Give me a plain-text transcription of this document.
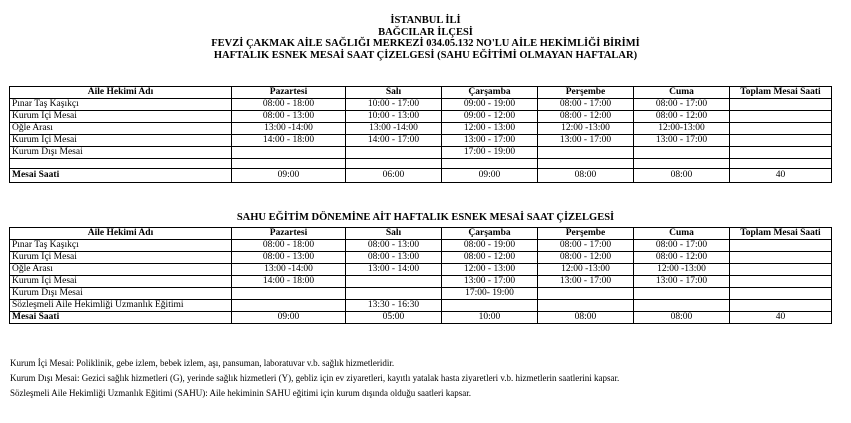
İSTANBUL İLİ
BAĞCILAR İLÇESİ
FEVZİ ÇAKMAK AİLE SAĞLIĞI MERKEZİ 034.05.132 NO'LU AİLE HEKİMLİĞİ BİRİMİ
HAFTALIK ESNEK MESAİ SAAT ÇİZELGESİ (SAHU EĞİTİMİ OLMAYAN HAFTALAR)
Aile Hekimi Adı	Pazartesi	Salı	Çarşamba	Perşembe	Cuma	Toplam Mesai Saati
Pınar Taş Kaşıkçı	08:00 - 18:00	10:00 - 17:00	09:00 - 19:00	08:00 - 17:00	08:00 - 17:00	
Kurum İçi Mesai	08:00 - 13:00	10:00 - 13:00	09:00 - 12:00	08:00 - 12:00	08:00 - 12:00	
Öğle Arası	13:00 -14:00	13:00 -14:00	12:00 - 13:00	12:00 -13:00	12:00-13:00	
Kurum İçi Mesai	14:00 - 18:00	14:00 - 17:00	13:00 - 17:00	13:00 - 17:00	13:00 - 17:00	
Kurum Dışı Mesai			17:00 - 19:00			

Mesai Saati	09:00	06:00	09:00	08:00	08:00	40
SAHU EĞİTİM DÖNEMİNE AİT HAFTALIK ESNEK MESAİ SAAT ÇİZELGESİ
Aile Hekimi Adı	Pazartesi	Salı	Çarşamba	Perşembe	Cuma	Toplam Mesai Saati
Pınar Taş Kaşıkçı	08:00 - 18:00	08:00 - 13:00	08:00 - 19:00	08:00 - 17:00	08:00 - 17:00	
Kurum İçi Mesai	08:00 - 13:00	08:00 - 13:00	08:00 - 12:00	08:00 - 12:00	08:00 - 12:00	
Öğle Arası	13:00 -14:00	13:00 - 14:00	12:00 - 13:00	12:00 -13:00	12:00 -13:00	
Kurum İçi Mesai	14:00 - 18:00		13:00 - 17:00	13:00 - 17:00	13:00 - 17:00	
Kurum Dışı Mesai			17:00- 19:00			
Sözleşmeli Aile Hekimliği Uzmanlık Eğitimi		13:30 - 16:30				
Mesai Saati	09:00	05:00	10:00	08:00	08:00	40
Kurum İçi Mesai: Poliklinik, gebe izlem, bebek izlem, aşı, pansuman, laboratuvar v.b. sağlık hizmetleridir.
Kurum Dışı Mesai: Gezici sağlık hizmetleri (G), yerinde sağlık hizmetleri (Y), gebliz için ev ziyaretleri, kayıtlı yatalak hasta ziyaretleri v.b. hizmetlerin saatlerini kapsar.
Sözleşmeli Aile Hekimliği Uzmanlık Eğitimi (SAHU): Aile hekiminin SAHU eğitimi için kurum dışında olduğu saatleri kapsar.
